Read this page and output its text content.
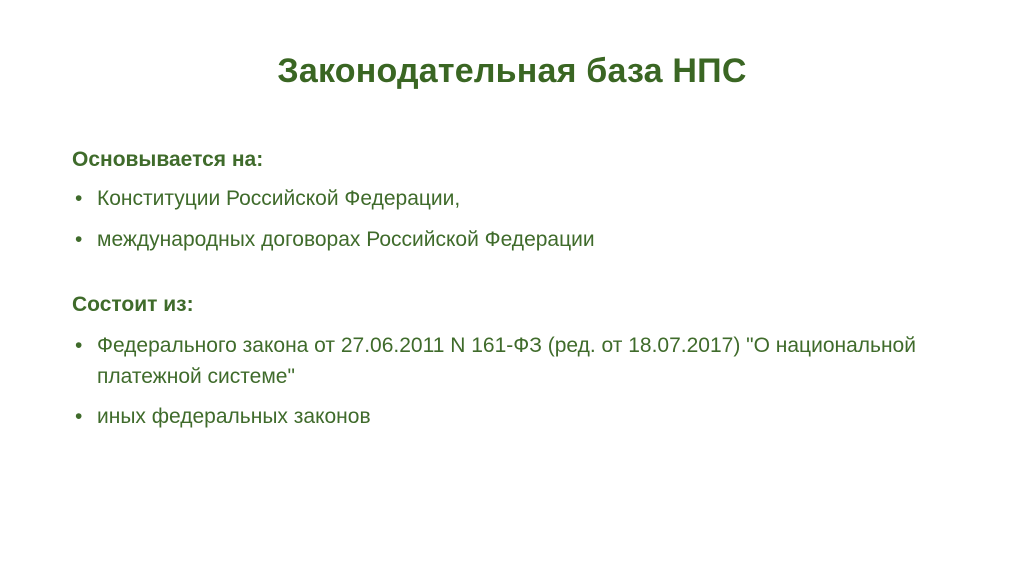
Законодательная база НПС

Основывается на:

• Конституции Российской Федерации,
• международных договорах Российской Федерации

Состоит из:

• Федерального закона от 27.06.2011 N 161-ФЗ (ред. от 18.07.2017) "О национальной платежной системе"
• иных федеральных законов
